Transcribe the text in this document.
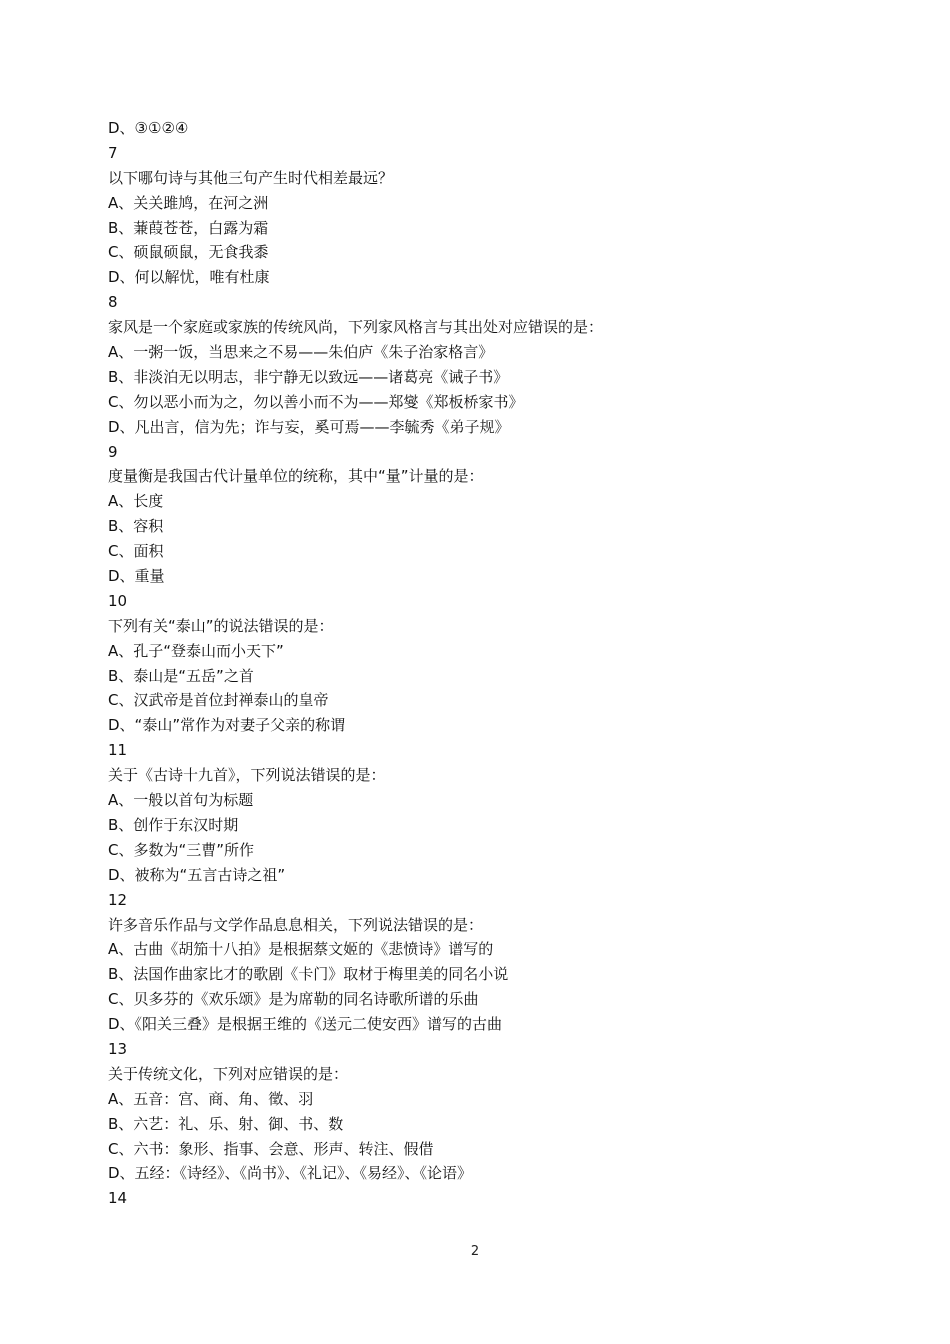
D、③①②④
7
以下哪句诗与其他三句产生时代相差最远？
A、关关雎鸠，在河之洲
B、蒹葭苍苍，白露为霜
C、硕鼠硕鼠，无食我黍
D、何以解忧，唯有杜康
8
家风是一个家庭或家族的传统风尚，下列家风格言与其出处对应错误的是：
A、一粥一饭，当思来之不易——朱伯庐《朱子治家格言》
B、非淡泊无以明志，非宁静无以致远——诸葛亮《诫子书》
C、勿以恶小而为之，勿以善小而不为——郑燮《郑板桥家书》
D、凡出言，信为先；诈与妄，奚可焉——李毓秀《弟子规》
9
度量衡是我国古代计量单位的统称，其中“量”计量的是：
A、长度
B、容积
C、面积
D、重量
10
下列有关“泰山”的说法错误的是：
A、孔子“登泰山而小天下”
B、泰山是“五岳”之首
C、汉武帝是首位封禅泰山的皇帝
D、“泰山”常作为对妻子父亲的称谓
11
关于《古诗十九首》，下列说法错误的是：
A、一般以首句为标题
B、创作于东汉时期
C、多数为“三曹”所作
D、被称为“五言古诗之祖”
12
许多音乐作品与文学作品息息相关，下列说法错误的是：
A、古曲《胡笳十八拍》是根据蔡文姬的《悲愤诗》谱写的
B、法国作曲家比才的歌剧《卡门》取材于梅里美的同名小说
C、贝多芬的《欢乐颂》是为席勒的同名诗歌所谱的乐曲
D、《阳关三叠》是根据王维的《送元二使安西》谱写的古曲
13
关于传统文化，下列对应错误的是：
A、五音：宫、商、角、徵、羽
B、六艺：礼、乐、射、御、书、数
C、六书：象形、指事、会意、形声、转注、假借
D、五经：《诗经》、《尚书》、《礼记》、《易经》、《论语》
14
2
